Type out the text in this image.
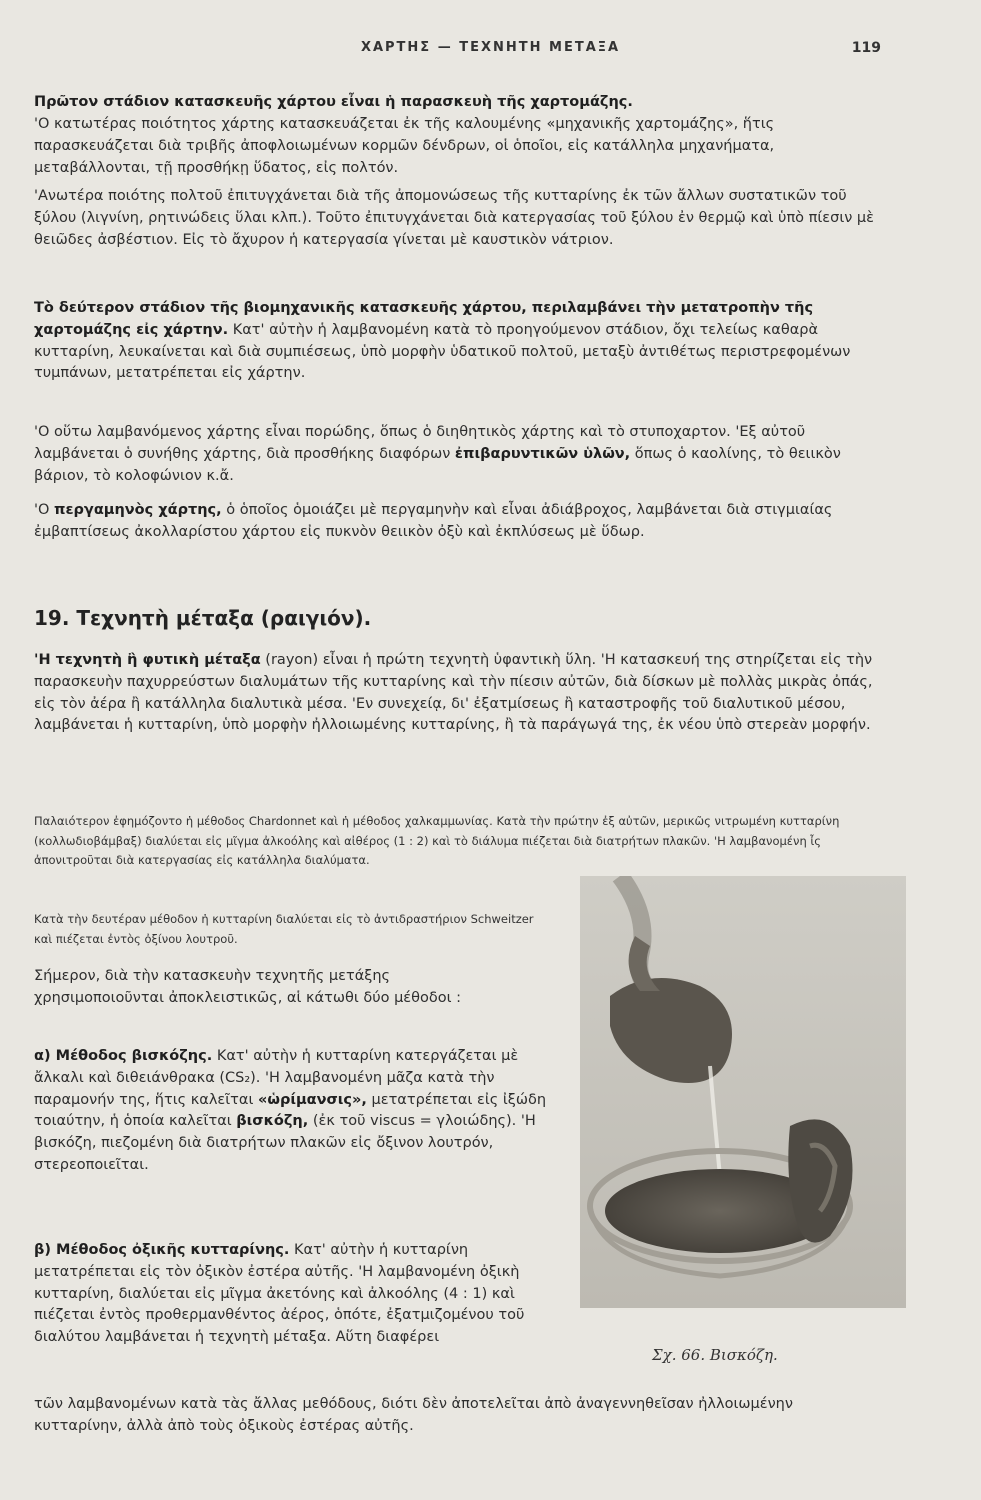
ΧΑΡΤΗΣ — ΤΕΧΝΗΤΗ ΜΕΤΑΞΑ	119

Πρῶτον στάδιον κατασκευῆς χάρτου εἶναι ἡ παρασκευὴ τῆς χαρτομάζης.

'Ο κατωτέρας ποιότητος χάρτης κατασκευάζεται ἐκ τῆς καλουμένης «μηχανικῆς χαρτομάζης», ἥτις παρασκευάζεται διὰ τριβῆς ἀποφλοιωμένων κορμῶν δένδρων, οἱ ὁποῖοι, εἰς κατάλληλα μηχανήματα, μεταβάλλονται, τῇ προσθήκῃ ὕδατος, εἰς πολτόν.

'Ανωτέρα ποιότης πολτοῦ ἐπιτυγχάνεται διὰ τῆς ἀπομονώσεως τῆς κυτταρίνης ἐκ τῶν ἄλλων συστατικῶν τοῦ ξύλου (λιγνίνη, ρητινώδεις ὕλαι κλπ.). Τοῦτο ἐπιτυγχάνεται διὰ κατεργασίας τοῦ ξύλου ἐν θερμῷ καὶ ὑπὸ πίεσιν μὲ θειῶδες ἀσβέστιον. Εἰς τὸ ἄχυρον ἡ κατεργασία γίνεται μὲ καυστικὸν νάτριον.

Τὸ δεύτερον στάδιον τῆς βιομηχανικῆς κατασκευῆς χάρτου, περιλαμβάνει τὴν μετατροπὴν τῆς χαρτομάζης εἰς χάρτην. Κατ' αὐτὴν ἡ λαμβανομένη κατὰ τὸ προηγούμενον στάδιον, ὄχι τελείως καθαρὰ κυτταρίνη, λευκαίνεται καὶ διὰ συμπιέσεως, ὑπὸ μορφὴν ὑδατικοῦ πολτοῦ, μεταξὺ ἀντιθέτως περιστρεφομένων τυμπάνων, μετατρέπεται εἰς χάρτην.

'Ο οὕτω λαμβανόμενος χάρτης εἶναι πορώδης, ὅπως ὁ διηθητικὸς χάρτης καὶ τὸ στυποχαρτον. 'Εξ αὐτοῦ λαμβάνεται ὁ συνήθης χάρτης, διὰ προσθήκης διαφόρων ἐπιβαρυντικῶν ὑλῶν, ὅπως ὁ καολίνης, τὸ θειικὸν βάριον, τὸ κολοφώνιον κ.ἄ.

'Ο περγαμηνὸς χάρτης, ὁ ὁποῖος ὁμοιάζει μὲ περγαμηνὴν καὶ εἶναι ἀδιάβροχος, λαμβάνεται διὰ στιγμιαίας ἐμβαπτίσεως ἀκολλαρίστου χάρτου εἰς πυκνὸν θειικὸν ὀξὺ καὶ ἐκπλύσεως μὲ ὕδωρ.

19. Τεχνητὴ μέταξα (ραιγιόν).

'Η τεχνητὴ ἢ φυτικὴ μέταξα (rayon) εἶναι ἡ πρώτη τεχνητὴ ὑφαντικὴ ὕλη. 'Η κατασκευή της στηρίζεται εἰς τὴν παρασκευὴν παχυρρεύστων διαλυμάτων τῆς κυτταρίνης καὶ τὴν πίεσιν αὐτῶν, διὰ δίσκων μὲ πολλὰς μικρὰς ὀπάς, εἰς τὸν ἀέρα ἢ κατάλληλα διαλυτικὰ μέσα. 'Εν συνεχείᾳ, δι' ἐξατμίσεως ἢ καταστροφῆς τοῦ διαλυτικοῦ μέσου, λαμβάνεται ἡ κυτταρίνη, ὑπὸ μορφὴν ἠλλοιωμένης κυτταρίνης, ἢ τὰ παράγωγά της, ἐκ νέου ὑπὸ στερεὰν μορφήν.

Παλαιότερον ἐφημόζοντο ἡ μέθοδος Chardonnet καὶ ἡ μέθοδος χαλκαμμωνίας. Κατὰ τὴν πρώτην ἐξ αὐτῶν, μερικῶς νιτρωμένη κυτταρίνη (κολλωδιοβάμβαξ) διαλύεται εἰς μῖγμα ἀλκοόλης καὶ αἰθέρος (1 : 2) καὶ τὸ διάλυμα πιέζεται διὰ διατρήτων πλακῶν. 'Η λαμβανομένη ἶς ἀπονιτροῦται διὰ κατεργασίας εἰς κατάλληλα διαλύματα.

Κατὰ τὴν δευτέραν μέθοδον ἡ κυτταρίνη διαλύεται εἰς τὸ ἀντιδραστήριον Schweitzer καὶ πιέζεται ἐντὸς ὀξίνου λουτροῦ.

Σήμερον, διὰ τὴν κατασκευὴν τεχνητῆς μετάξης χρησιμοποιοῦνται ἀποκλειστικῶς, αἱ κάτωθι δύο μέθοδοι :

α) Μέθοδος βισκόζης. Κατ' αὐτὴν ἡ κυτταρίνη κατεργάζεται μὲ ἄλκαλι καὶ διθειάνθρακα (CS₂). 'Η λαμβανομένη μᾶζα κατὰ τὴν παραμονήν της, ἥτις καλεῖται «ὡρίμανσις», μετατρέπεται εἰς ἰξώδη τοιαύτην, ἡ ὁποία καλεῖται βισκόζη, (ἐκ τοῦ viscus = γλοιώδης). 'Η βισκόζη, πιεζομένη διὰ διατρήτων πλακῶν εἰς ὄξινον λουτρόν, στερεοποιεῖται.

β) Μέθοδος ὀξικῆς κυτταρίνης. Κατ' αὐτὴν ἡ κυτταρίνη μετατρέπεται εἰς τὸν ὀξικὸν ἐστέρα αὐτῆς. 'Η λαμβανομένη ὀξικὴ κυτταρίνη, διαλύεται εἰς μῖγμα ἀκετόνης καὶ ἀλκοόλης (4 : 1) καὶ πιέζεται ἐντὸς προθερμανθέντος ἀέρος, ὁπότε, ἐξατμιζομένου τοῦ διαλύτου λαμβάνεται ἡ τεχνητὴ μέταξα. Αὕτη διαφέρει

τῶν λαμβανομένων κατὰ τὰς ἄλλας μεθόδους, διότι δὲν ἀποτελεῖται ἀπὸ ἀναγεννηθεῖσαν ἠλλοιωμένην κυτταρίνην, ἀλλὰ ἀπὸ τοὺς ὀξικοὺς ἐστέρας αὐτῆς.

Σχ. 66. Βισκόζη.
